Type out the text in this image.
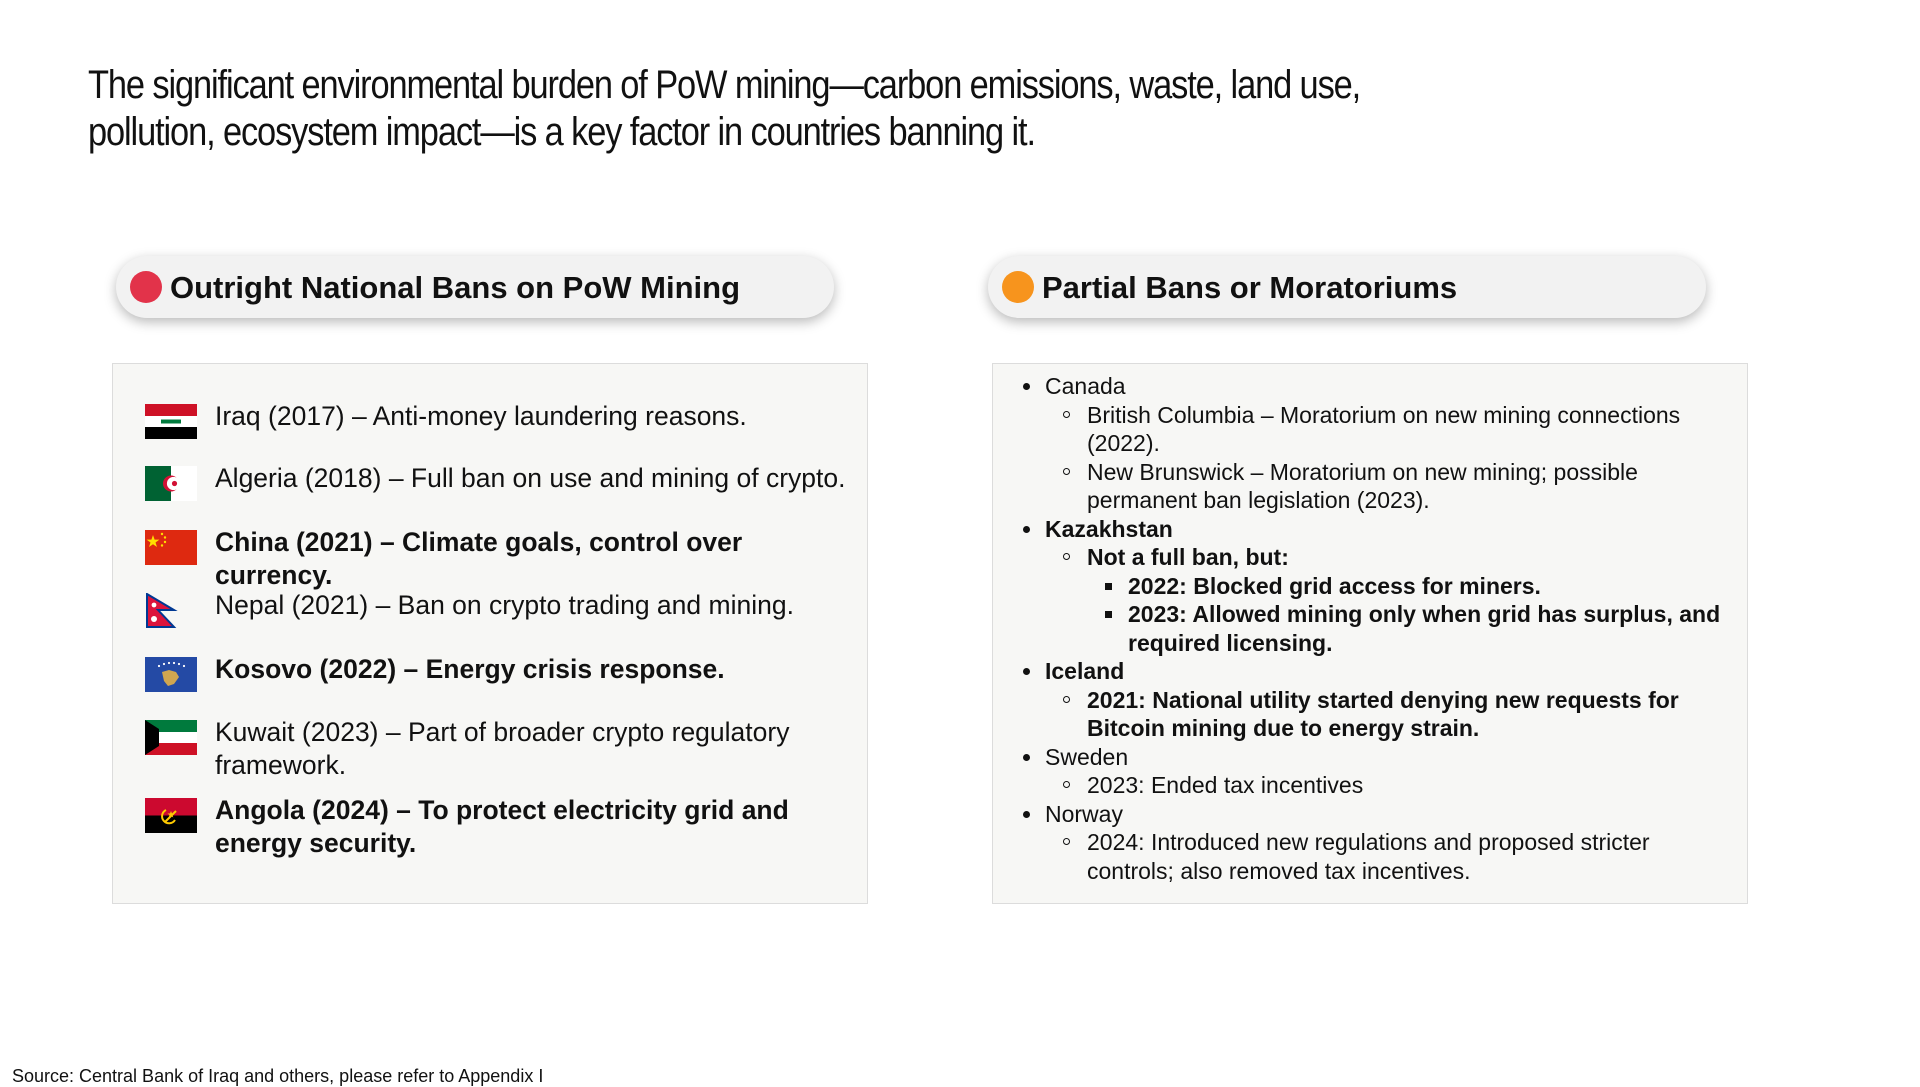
The significant environmental burden of PoW mining—carbon emissions, waste, land use, pollution, ecosystem impact—is a key factor in countries banning it.
Outright National Bans on PoW Mining	Partial Bans or Moratoriums
Iraq (2017) – Anti-money laundering reasons.
Algeria (2018) – Full ban on use and mining of crypto.
China (2021) – Climate goals, control over currency.
Nepal (2021) – Ban on crypto trading and mining.
Kosovo (2022) – Energy crisis response.
Kuwait (2023) – Part of broader crypto regulatory framework.
Angola (2024) – To protect electricity grid and energy security.
Canada
British Columbia – Moratorium on new mining connections (2022).
New Brunswick – Moratorium on new mining; possible permanent ban legislation (2023).
Kazakhstan
Not a full ban, but:
2022: Blocked grid access for miners.
2023: Allowed mining only when grid has surplus, and required licensing.
Iceland
2021: National utility started denying new requests for Bitcoin mining due to energy strain.
Sweden
2023: Ended tax incentives
Norway
2024: Introduced new regulations and proposed stricter controls; also removed tax incentives.
Source: Central Bank of Iraq and others, please refer to Appendix I
